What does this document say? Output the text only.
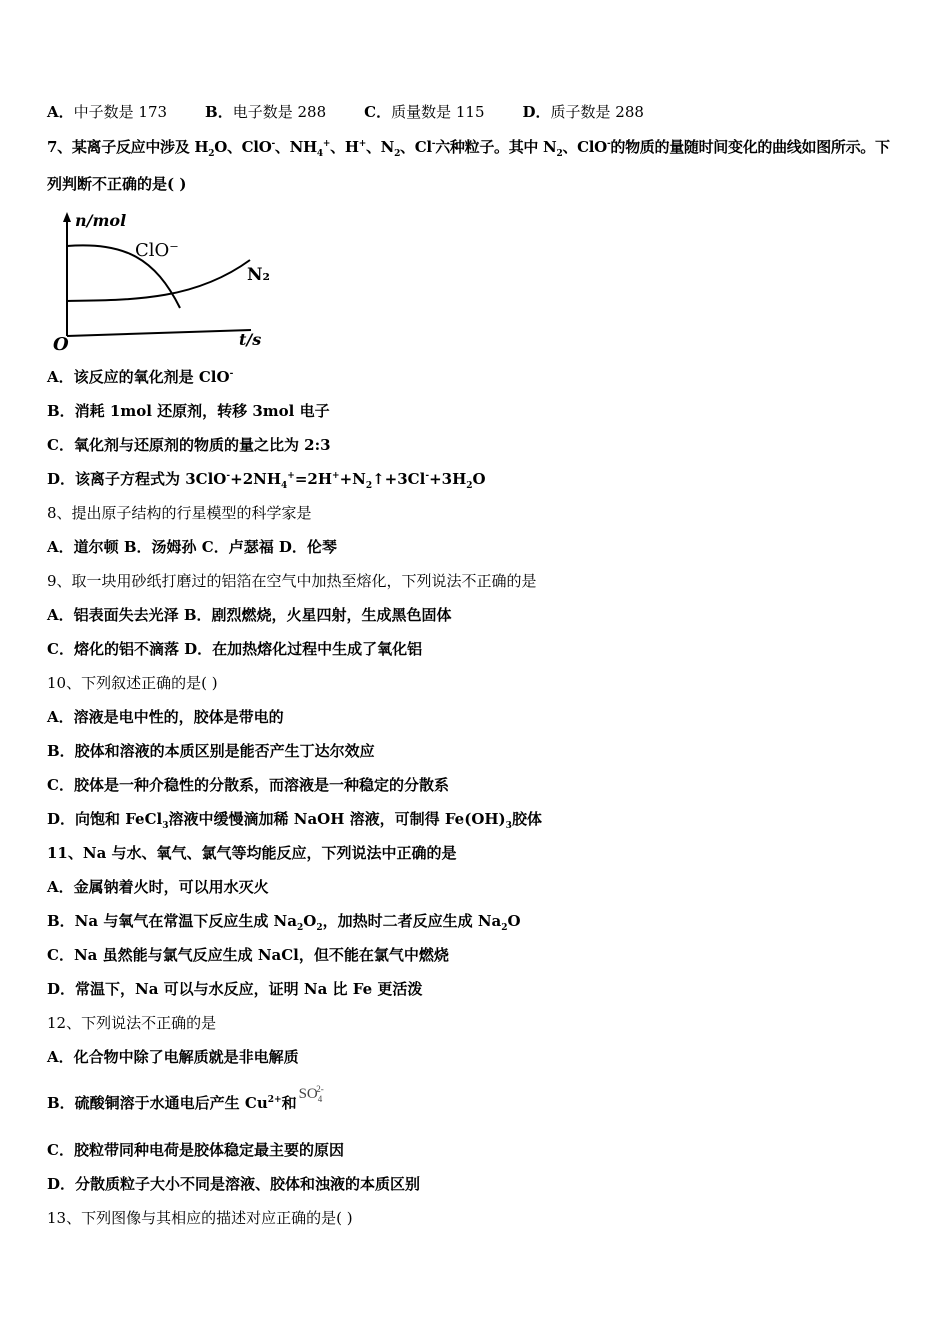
A．中子数是 173	B．电子数是 288	C．质量数是 115	D．质子数是 288
7、某离子反应中涉及 $H_2O$、ClO-、$NH_4^+$、H+、$N_2$、Cl-六种粒子。其中 $N_2$、ClO-的物质的量随时间变化的曲线如图所示。下
列判断不正确的是( )
n/mol
ClO⁻
N₂
O	t/s
A．该反应的氧化剂是 ClO-
B．消耗 1mol 还原剂，转移 3mol 电子
C．氧化剂与还原剂的物质的量之比为 2:3
D．该离子方程式为 $3ClO^-+2NH_4^+=2H^++N_2↑+3Cl^-+3H_2O$
8、提出原子结构的行星模型的科学家是
A．道尔顿 B．汤姆孙 C．卢瑟福 D．伦琴
9、取一块用砂纸打磨过的铝箔在空气中加热至熔化，下列说法不正确的是
A．铝表面失去光泽 B．剧烈燃烧，火星四射，生成黑色固体
C．熔化的铝不滴落 D．在加热熔化过程中生成了氧化铝
10、下列叙述正确的是( )
A．溶液是电中性的，胶体是带电的
B．胶体和溶液的本质区别是能否产生丁达尔效应
C．胶体是一种介稳性的分散系，而溶液是一种稳定的分散系
D．向饱和 FeCl$_3$溶液中缓慢滴加稀 NaOH 溶液，可制得 $Fe(OH)_3$胶体
11、Na 与水、氧气、氯气等均能反应，下列说法中正确的是
A．金属钠着火时，可以用水灭火
B．Na 与氧气在常温下反应生成 $Na_2O_2$，加热时二者反应生成 $Na_2O$
C．Na 虽然能与氯气反应生成 NaCl，但不能在氯气中燃烧
D．常温下，Na 可以与水反应，证明 Na 比 Fe 更活泼
12、下列说法不正确的是
A．化合物中除了电解质就是非电解质
B．硫酸铜溶于水通电后产生 $Cu^{2+}$和 $SO_4^{2-}$
C．胶粒带同种电荷是胶体稳定最主要的原因
D．分散质粒子大小不同是溶液、胶体和浊液的本质区别
13、下列图像与其相应的描述对应正确的是( )
